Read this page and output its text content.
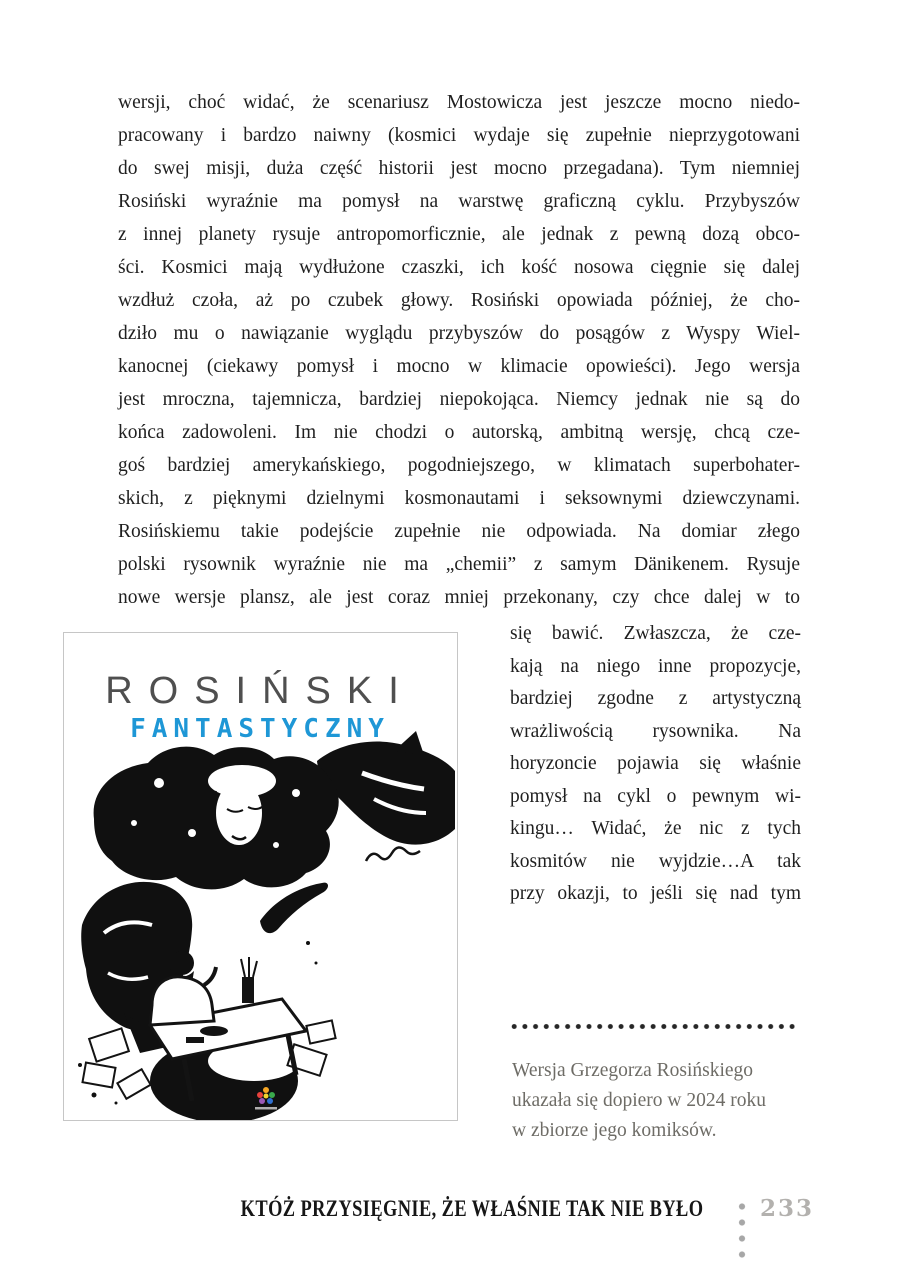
wersji, choć widać, że scenariusz Mostowicza jest jeszcze mocno niedo-
pracowany i bardzo naiwny (kosmici wydaje się zupełnie nieprzygotowani
do swej misji, duża część historii jest mocno przegadana). Tym niemniej
Rosiński wyraźnie ma pomysł na warstwę graficzną cyklu. Przybyszów
z innej planety rysuje antropomorficznie, ale jednak z pewną dozą obco-
ści. Kosmici mają wydłużone czaszki, ich kość nosowa cięgnie się dalej
wzdłuż czoła, aż po czubek głowy. Rosiński opowiada później, że cho-
dziło mu o nawiązanie wyglądu przybyszów do posągów z Wyspy Wiel-
kanocnej (ciekawy pomysł i mocno w klimacie opowieści). Jego wersja
jest mroczna, tajemnicza, bardziej niepokojąca. Niemcy jednak nie są do
końca zadowoleni. Im nie chodzi o autorską, ambitną wersję, chcą cze-
goś bardziej amerykańskiego, pogodniejszego, w klimatach superbohater-
skich, z pięknymi dzielnymi kosmonautami i seksownymi dziewczynami.
Rosińskiemu takie podejście zupełnie nie odpowiada. Na domiar złego
polski rysownik wyraźnie nie ma „chemii” z samym Dänikenem. Rysuje
nowe wersje plansz, ale jest coraz mniej przekonany, czy chce dalej w to
ROSIŃSKI
FANTASTYCZNY
się bawić. Zwłaszcza, że cze-
kają na niego inne propozycje,
bardziej zgodne z artystyczną
wrażliwością rysownika. Na
horyzoncie pojawia się właśnie
pomysł na cykl o pewnym wi-
kingu… Widać, że nic z tych
kosmitów nie wyjdzie…A tak
przy okazji, to jeśli się nad tym
Wersja Grzegorza Rosińskiego
ukazała się dopiero w 2024 roku
w zbiorze jego komiksów.
KTÓŻ PRZYSIĘGNIE, ŻE WŁAŚNIE TAK NIE BYŁO 233
